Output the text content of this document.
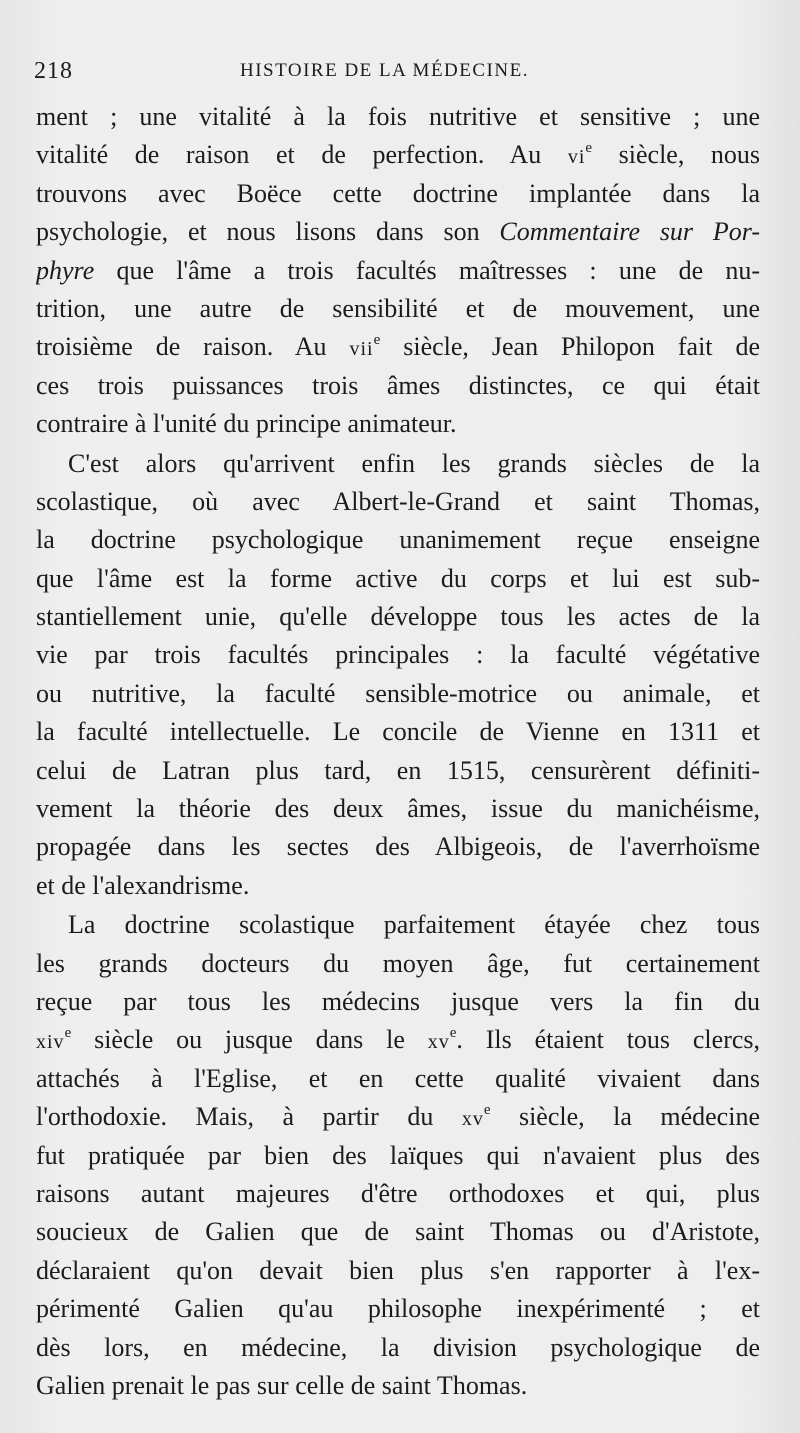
218	HISTOIRE DE LA MÉDECINE.
ment ; une vitalité à la fois nutritive et sensitive ; une
vitalité de raison et de perfection. Au $vi^e$ siècle, nous
trouvons avec Boëce cette doctrine implantée dans la
psychologie, et nous lisons dans son Commentaire sur Por-
phyre que l'âme a trois facultés maîtresses : une de nu-
trition, une autre de sensibilité et de mouvement, une
troisième de raison. Au vii$^e$ siècle, Jean Philopon fait de
ces trois puissances trois âmes distinctes, ce qui était
contraire à l'unité du principe animateur.
C'est alors qu'arrivent enfin les grands siècles de la
scolastique, où avec Albert-le-Grand et saint Thomas,
la doctrine psychologique unanimement reçue enseigne
que l'âme est la forme active du corps et lui est sub-
stantiellement unie, qu'elle développe tous les actes de la
vie par trois facultés principales : la faculté végétative
ou nutritive, la faculté sensible-motrice ou animale, et
la faculté intellectuelle. Le concile de Vienne en 1311 et
celui de Latran plus tard, en 1515, censurèrent définiti-
vement la théorie des deux âmes, issue du manichéisme,
propagée dans les sectes des Albigeois, de l'averrhoïsme
et de l'alexandrisme.
La doctrine scolastique parfaitement étayée chez tous
les grands docteurs du moyen âge, fut certainement
reçue par tous les médecins jusque vers la fin du
xiv$^e$ siècle ou jusque dans le $xv^e$. Ils étaient tous clercs,
attachés à l'Eglise, et en cette qualité vivaient dans
l'orthodoxie. Mais, à partir du $xv^e$ siècle, la médecine
fut pratiquée par bien des laïques qui n'avaient plus des
raisons autant majeures d'être orthodoxes et qui, plus
soucieux de Galien que de saint Thomas ou d'Aristote,
déclaraient qu'on devait bien plus s'en rapporter à l'ex-
périmenté Galien qu'au philosophe inexpérimenté ; et
dès lors, en médecine, la division psychologique de
Galien prenait le pas sur celle de saint Thomas.
